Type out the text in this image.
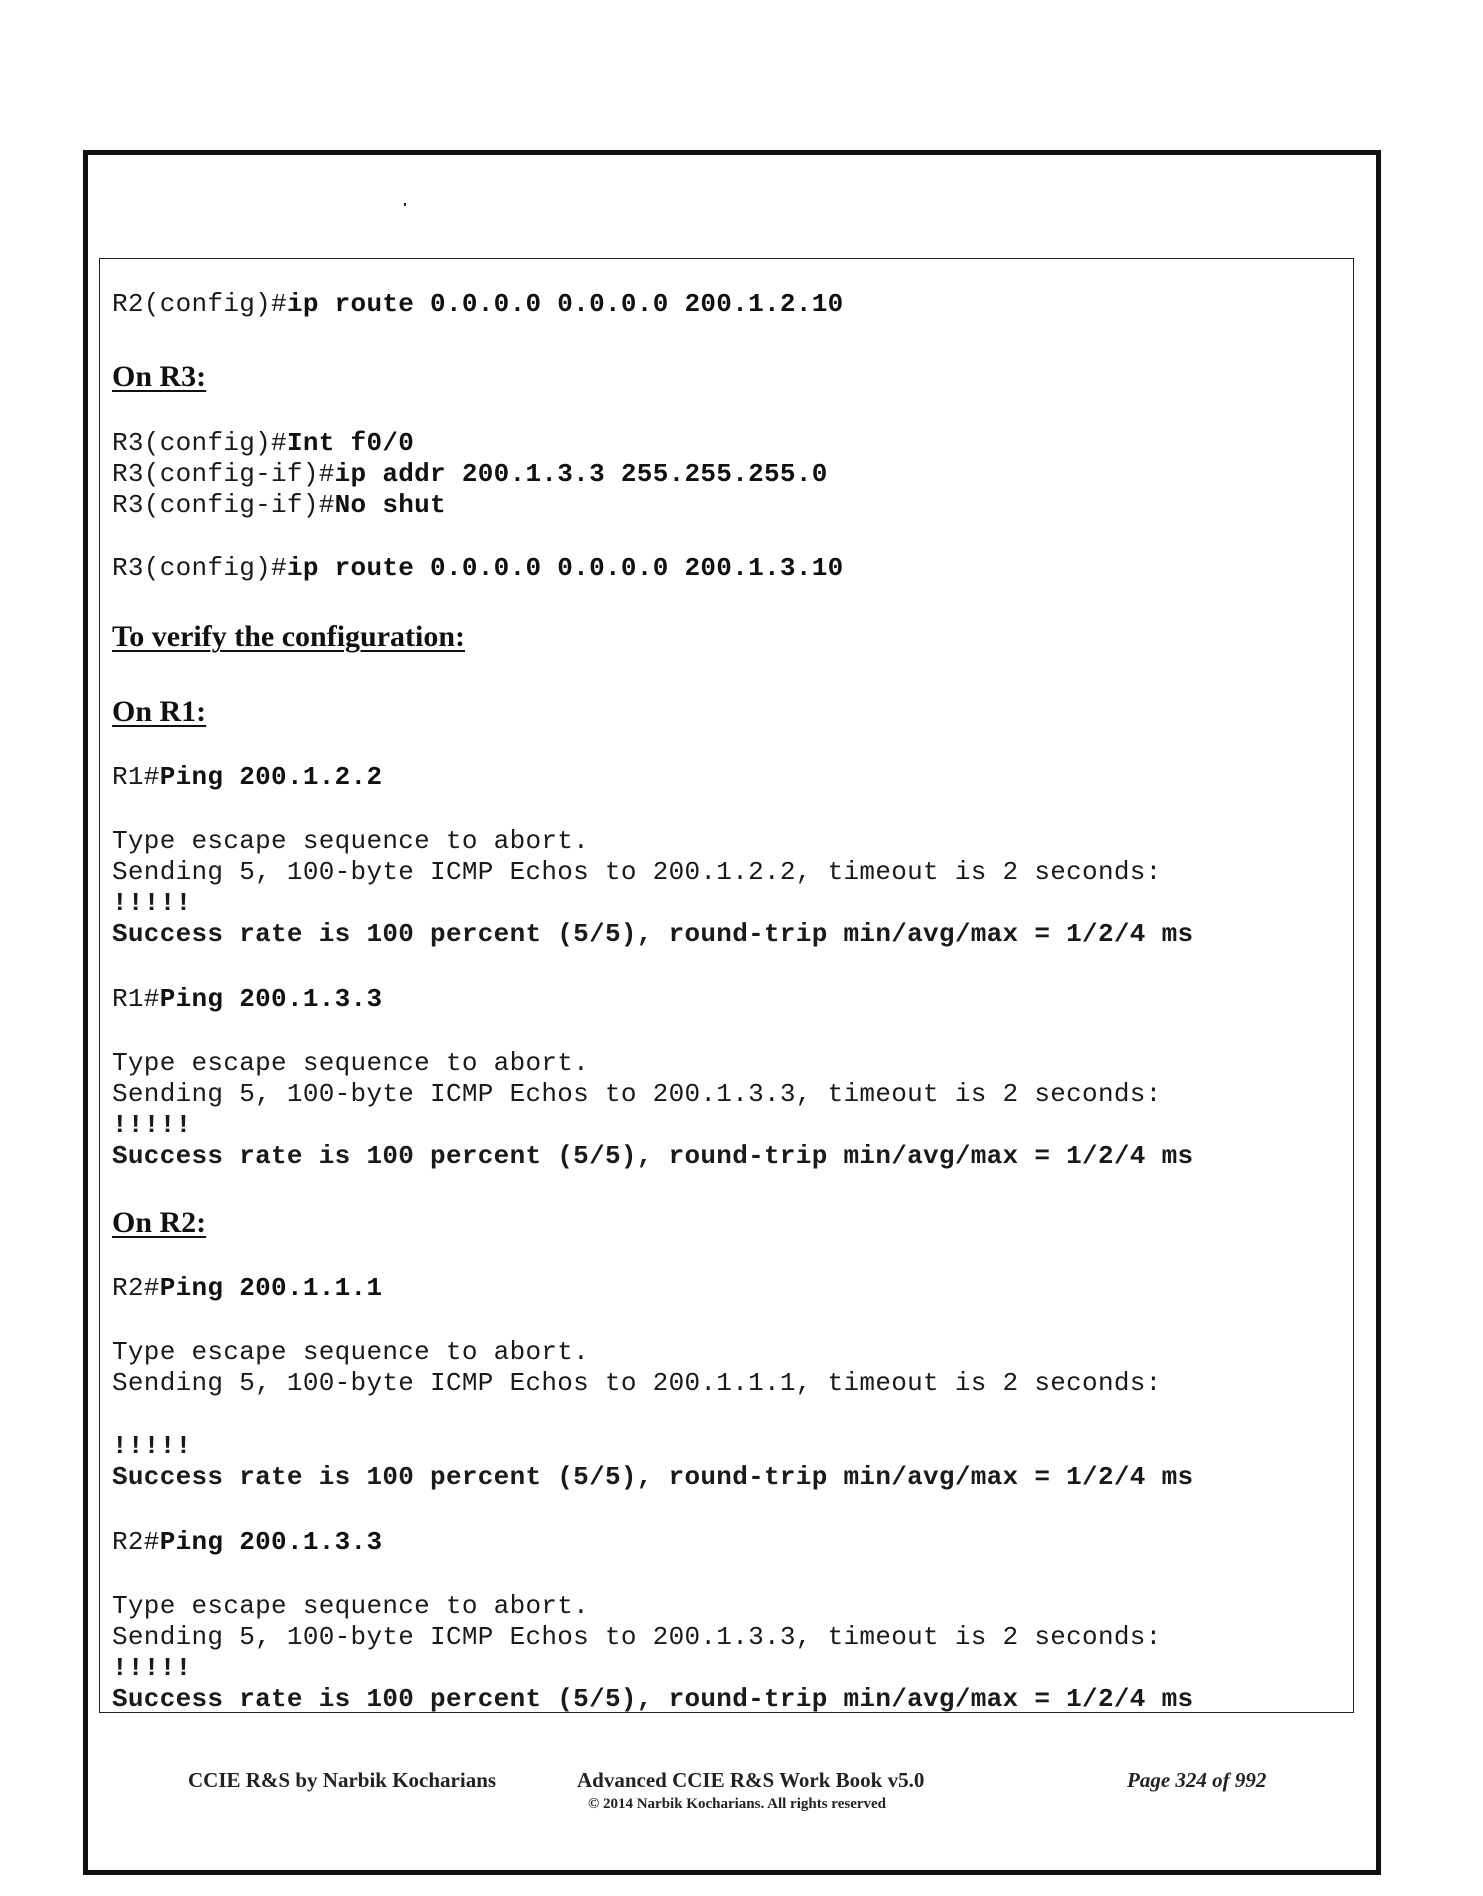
R2(config)#ip route 0.0.0.0 0.0.0.0 200.1.2.10
On R3:
R3(config)#Int f0/0
R3(config-if)#ip addr 200.1.3.3 255.255.255.0
R3(config-if)#No shut
R3(config)#ip route 0.0.0.0 0.0.0.0 200.1.3.10
To verify the configuration:
On R1:
R1#Ping 200.1.2.2
Type escape sequence to abort.
Sending 5, 100-byte ICMP Echos to 200.1.2.2, timeout is 2 seconds:
!!!!!
Success rate is 100 percent (5/5), round-trip min/avg/max = 1/2/4 ms
R1#Ping 200.1.3.3
Type escape sequence to abort.
Sending 5, 100-byte ICMP Echos to 200.1.3.3, timeout is 2 seconds:
!!!!!
Success rate is 100 percent (5/5), round-trip min/avg/max = 1/2/4 ms
On R2:
R2#Ping 200.1.1.1
Type escape sequence to abort.
Sending 5, 100-byte ICMP Echos to 200.1.1.1, timeout is 2 seconds:
!!!!!
Success rate is 100 percent (5/5), round-trip min/avg/max = 1/2/4 ms
R2#Ping 200.1.3.3
Type escape sequence to abort.
Sending 5, 100-byte ICMP Echos to 200.1.3.3, timeout is 2 seconds:
!!!!!
Success rate is 100 percent (5/5), round-trip min/avg/max = 1/2/4 ms
CCIE R&S by Narbik Kocharians	Advanced CCIE R&S Work Book v5.0
© 2014 Narbik Kocharians. All rights reserved
Page 324 of 992
